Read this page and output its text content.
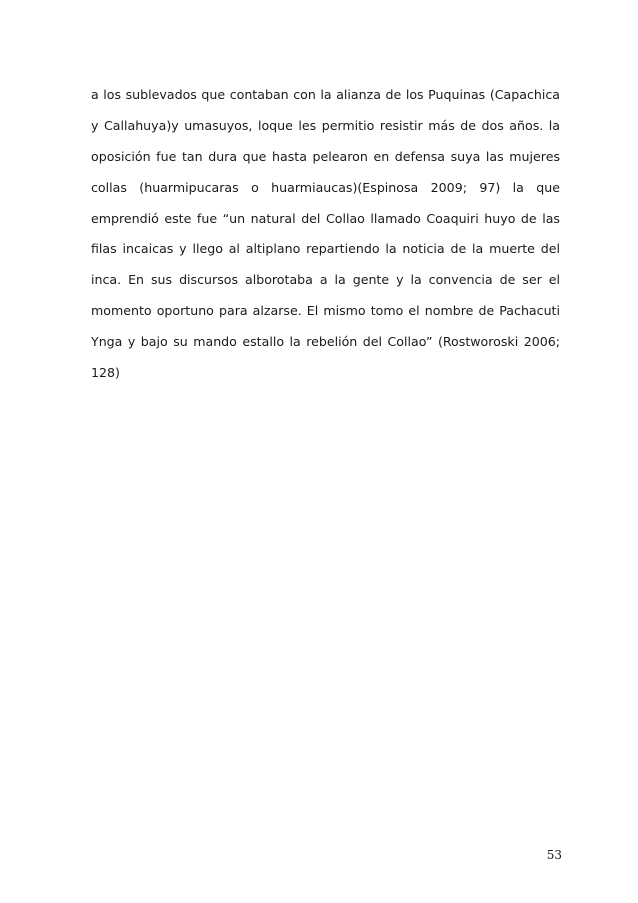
a los sublevados que contaban con la alianza de los Puquinas (Capachica
y Callahuya)y umasuyos, loque les permitio resistir más de dos años. la
oposición fue tan dura que hasta pelearon en defensa suya las mujeres
collas (huarmipucaras o huarmiaucas)(Espinosa 2009; 97) la que
emprendió este fue “un natural del Collao llamado Coaquiri huyo de las
filas incaicas y llego al altiplano repartiendo la noticia de la muerte del
inca. En sus discursos alborotaba a la gente y la convencia de ser el
momento oportuno para alzarse. El mismo tomo el nombre de Pachacuti
Ynga y bajo su mando estallo la rebelión del Collao” (Rostworoski 2006;
128)
53
